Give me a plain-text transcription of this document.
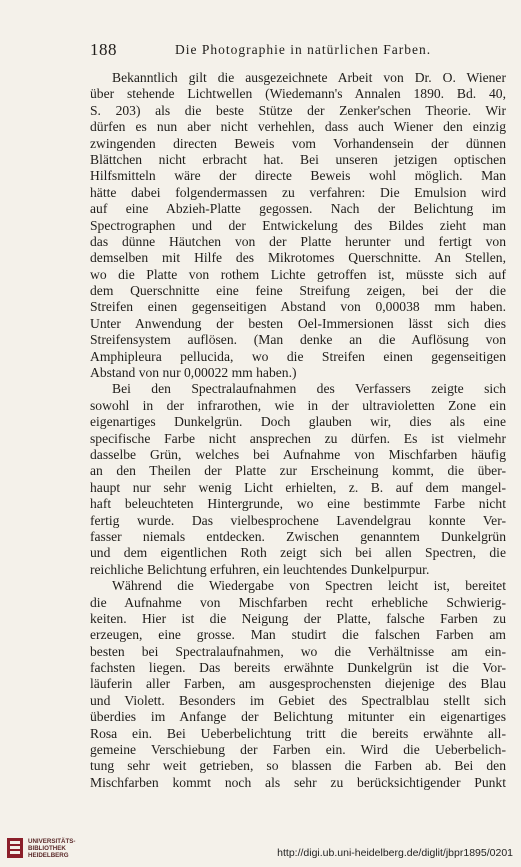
188	Die Photographie in natürlichen Farben.
Bekanntlich gilt die ausgezeichnete Arbeit von Dr. O. Wiener
über stehende Lichtwellen (Wiedemann's Annalen 1890. Bd. 40,
S. 203) als die beste Stütze der Zenker'schen Theorie. Wir
dürfen es nun aber nicht verhehlen, dass auch Wiener den einzig
zwingenden directen Beweis vom Vorhandensein der dünnen
Blättchen nicht erbracht hat. Bei unseren jetzigen optischen
Hilfsmitteln wäre der directe Beweis wohl möglich. Man
hätte dabei folgendermassen zu verfahren: Die Emulsion wird
auf eine Abzieh-Platte gegossen. Nach der Belichtung im
Spectrographen und der Entwickelung des Bildes zieht man
das dünne Häutchen von der Platte herunter und fertigt von
demselben mit Hilfe des Mikrotomes Querschnitte. An Stellen,
wo die Platte von rothem Lichte getroffen ist, müsste sich auf
dem Querschnitte eine feine Streifung zeigen, bei der die
Streifen einen gegenseitigen Abstand von 0,00038 mm haben.
Unter Anwendung der besten Oel-Immersionen lässt sich dies
Streifensystem auflösen. (Man denke an die Auflösung von
Amphipleura pellucida, wo die Streifen einen gegenseitigen
Abstand von nur 0,00022 mm haben.)
Bei den Spectralaufnahmen des Verfassers zeigte sich
sowohl in der infrarothen, wie in der ultravioletten Zone ein
eigenartiges Dunkelgrün. Doch glauben wir, dies als eine
specifische Farbe nicht ansprechen zu dürfen. Es ist vielmehr
dasselbe Grün, welches bei Aufnahme von Mischfarben häufig
an den Theilen der Platte zur Erscheinung kommt, die über-
haupt nur sehr wenig Licht erhielten, z. B. auf dem mangel-
haft beleuchteten Hintergrunde, wo eine bestimmte Farbe nicht
fertig wurde. Das vielbesprochene Lavendelgrau konnte Ver-
fasser niemals entdecken. Zwischen genanntem Dunkelgrün
und dem eigentlichen Roth zeigt sich bei allen Spectren, die
reichliche Belichtung erfuhren, ein leuchtendes Dunkelpurpur.
Während die Wiedergabe von Spectren leicht ist, bereitet
die Aufnahme von Mischfarben recht erhebliche Schwierig-
keiten. Hier ist die Neigung der Platte, falsche Farben zu
erzeugen, eine grosse. Man studirt die falschen Farben am
besten bei Spectralaufnahmen, wo die Verhältnisse am ein-
fachsten liegen. Das bereits erwähnte Dunkelgrün ist die Vor-
läuferin aller Farben, am ausgesprochensten diejenige des Blau
und Violett. Besonders im Gebiet des Spectralblau stellt sich
überdies im Anfange der Belichtung mitunter ein eigenartiges
Rosa ein. Bei Ueberbelichtung tritt die bereits erwähnte all-
gemeine Verschiebung der Farben ein. Wird die Ueberbelich-
tung sehr weit getrieben, so blassen die Farben ab. Bei den
Mischfarben kommt noch als sehr zu berücksichtigender Punkt
UNIVERSITÄTS-
BIBLIOTHEK
HEIDELBERG	http://digi.ub.uni-heidelberg.de/diglit/jbpr1895/0201
